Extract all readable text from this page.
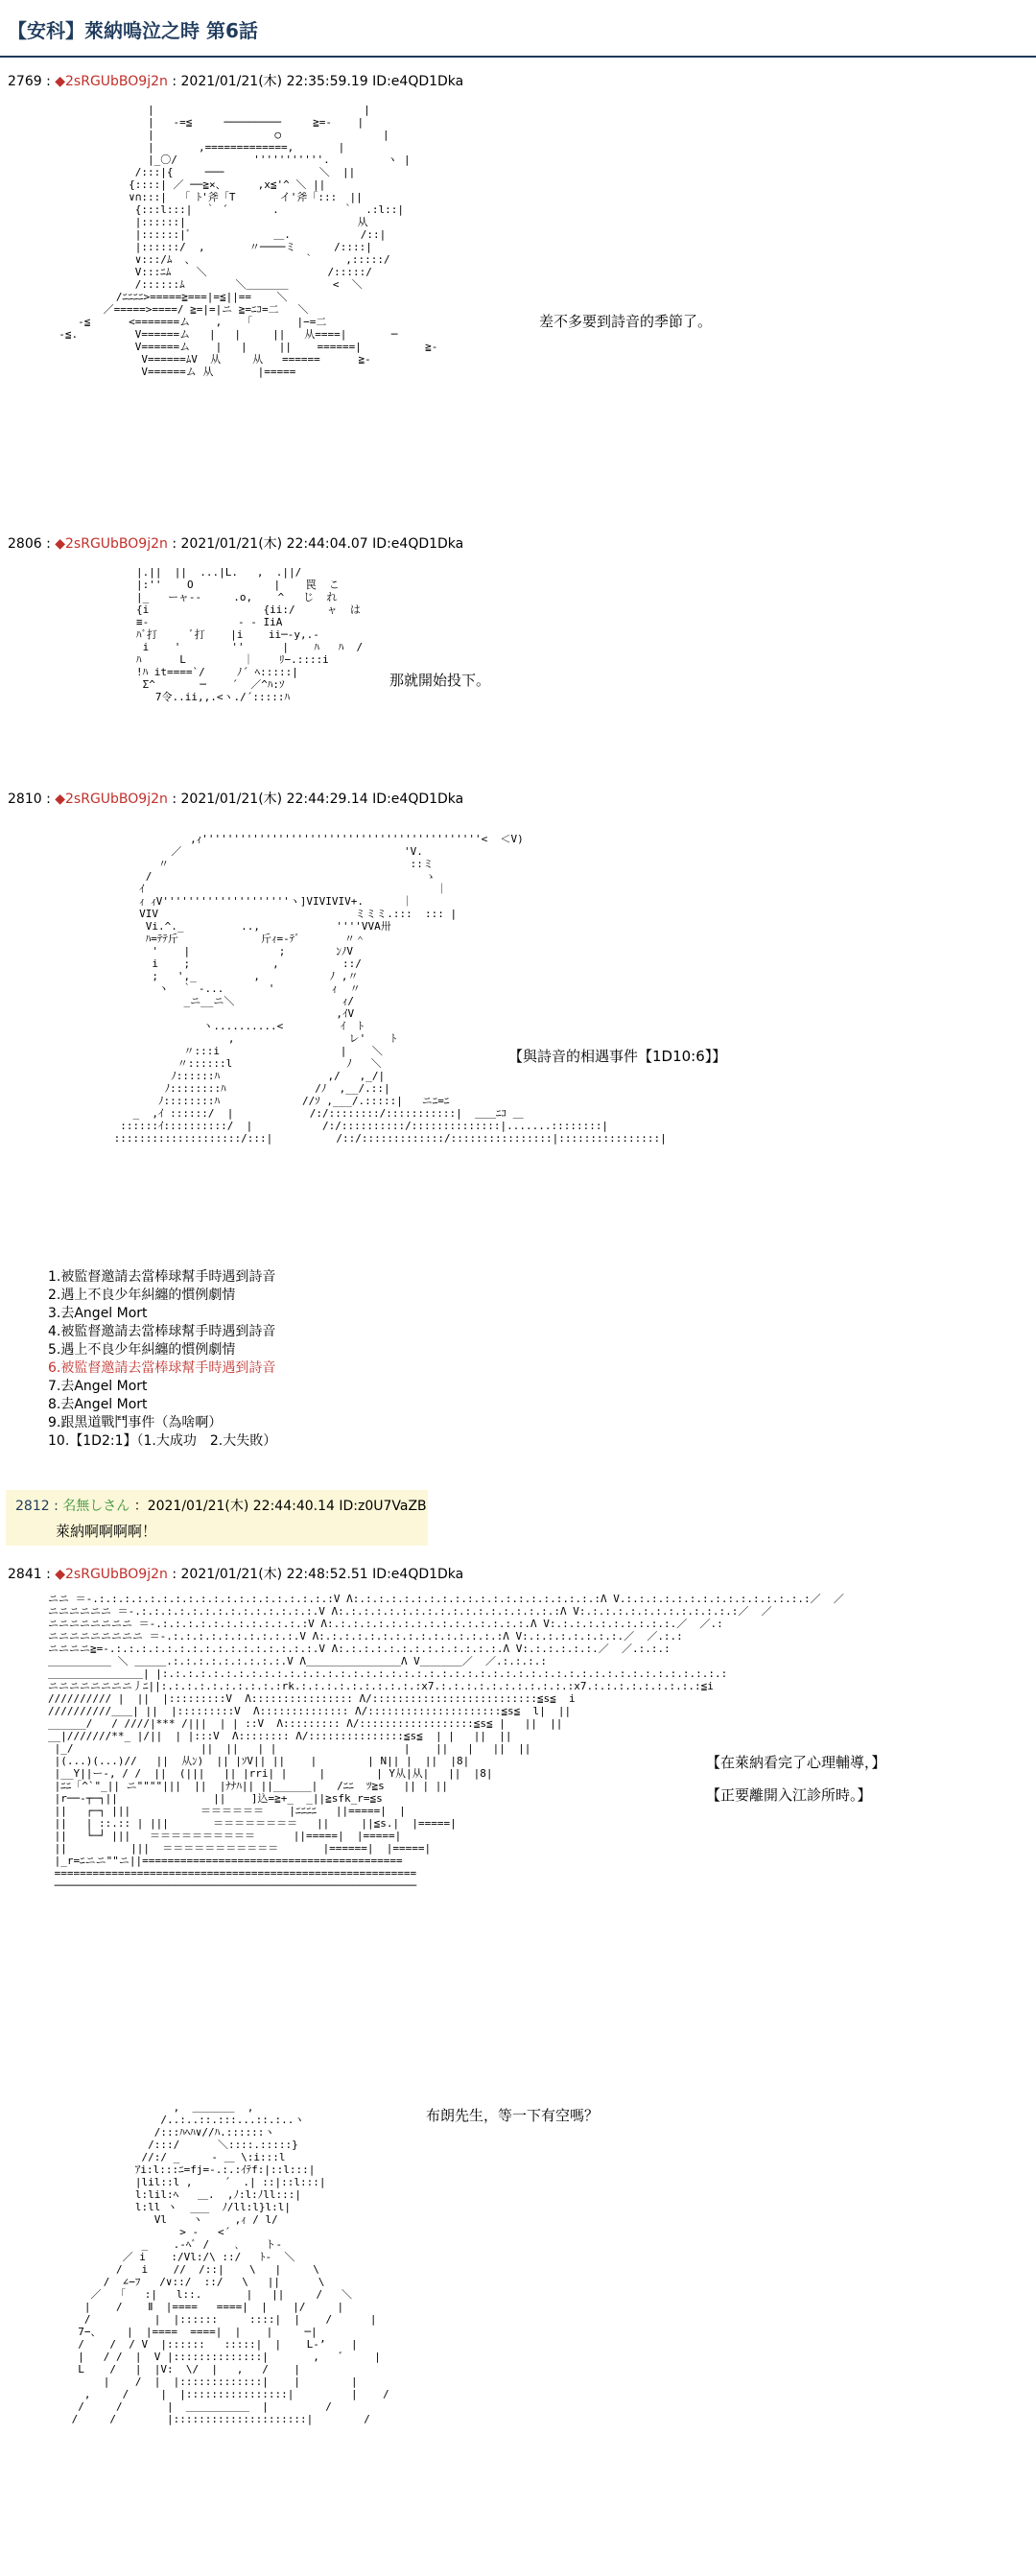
【安科】萊納嗚泣之時 第6話
2769 : ◆2sRGUbBO9j2n : 2021/01/21(木) 22:35:59.19 ID:e4QD1Dka
|                                 |
|   -=≦     ─────────     ≧=-    |
|                   ○                |
|       ,=============,       |
|_〇/            '''''''''''.         ヽ |
/:::|{     ───               ＼  ||
{::::| ／ ──≧×、     ,x≦'^ ＼ ||
∨∩:::|  「 ﾄ'斧「T       イ'斧「:::  ||
{:::l:::|  ｀ ´       .          ｀  .:l::|
|::::::|                           从
|::::::|ﾞ             ＿.           /::|
|::::::/  ,       〃────ミ      /::::|
∨:::/ﾑ  、                 ｀     ,:::::/
V:::ﾆﾑ    ＼                   /:::::/
/::::::ﾑ        ＼＿＿＿＿       <  ＼
/ﾆﾆﾆﾆ>=====≧===|=≦||==    ＼
／=====>====/ ≧=|=|ニ ≧=ﾆｺ=二   ＼
-≦      <=======ム    ,    ｢       |−=二
-≦.         V======ム   |   |     ||   从====|       ─
V======ム    |   |     ||    ======|          ≧-
V======ﾑV  从     从   ======      ≧-
V======ム 从       |=====

差不多要到詩音的季節了。
2806 : ◆2sRGUbBO9j2n : 2021/01/21(木) 22:44:04.07 ID:e4QD1Dka
|.||  ||  ...|L.   ,  .||/
|:''    O      　     |    罠  こ
|_   ーャ‐‐     .o,    ^   じ  れ
{i                  {ii:/     ャ  は
≡‐              ‐ ‐ IiA
ﾊﾞ打     ﾞ打    |i    ii─-y,.‐
i    '        ''      |    ﾊ   ﾊ  /
ﾊ      L         ｜    ﾘ−.::::i
!ﾊ it====`/     ﾉ´ ﾍ:::::|
Σ^       ─    ´  ／^ﾊ:ｿ
7令..ii,,.<ヽ./´:::::ﾊ

那就開始投下。
2810 : ◆2sRGUbBO9j2n : 2021/01/21(木) 22:44:29.14 ID:e4QD1Dka
,ｨ''''''''''''''''''''''''''''''''''''''''''''<  ＜V)
／                                   'V.
〃                                      ::ミ
/                                           ゝ
ｲ                                              ｜
ｨ ｨV''''''''''''''''''''ヽ]VIVIVIV+.      ｜
VIV                               ミミミ.:::  ::: |
Vi.^._         ..,            ''''VVA卅
ﾊ=ﾃﾃ斤             斤ｨ=-ﾃﾞ       〃＾
'    |              ;        ﾝﾉV
i    ;             ,          ::/
;   ',_         ,           ﾉ ,〃
ヽ  ｀ -...       '         ｨ  〃
_ニ__ニ＼                 ｨ/
,ｲV
ヽ..........<         ｲ  ﾄ
,                  レ'    ﾄ
〃:::i                   |    ＼
〃::::::l                  ﾉ   ＼
ﾉ::::::ﾊ                 ,/   ,_/|
ﾉ::::::::ﾊ              /ﾉ  ,__/.::|
ﾉ::::::::ﾊ             //ｿ ,___/.:::::|   ニﾆ=ﾆ
_  ,ｲ ::::::/  |            /:/::::::::/:::::::::::|  ＿＿ﾆｺ ＿
::::::ｲ::::::::::/  |           /:/::::::::::/::::::::::::::|.......::::::::|
::::::::::::::::::::/:::|          /::/:::::::::::::/::::::::::::::::|::::::::::::::::|

【與詩音的相遇事件【1D10:6】】
1.被監督邀請去當棒球幫手時遇到詩音
2.遇上不良少年糾纏的慣例劇情
3.去Angel Mort
4.被監督邀請去當棒球幫手時遇到詩音
5.遇上不良少年糾纏的慣例劇情
6.被監督邀請去當棒球幫手時遇到詩音
7.去Angel Mort
8.去Angel Mort
9.跟黑道戰鬥事件（為啥啊）
10.【1D2:1】（1.大成功　2.大失敗）
2812 : 名無しさん ：2021/01/21(木) 22:44:40.14 ID:z0U7VaZB
萊納啊啊啊啊！
2841 : ◆2sRGUbBO9j2n : 2021/01/21(木) 22:48:52.51 ID:e4QD1Dka
ニニ ＝-.:.:.:.:.:.:.:.:.:.:.:.:.:.:.:.:.:.:.:V Λ:.:.:.:.:.:.:.:.:.:.:.:.:.:.:.:.:.:.:.:Λ V.:.:.:.:.:.:.:.:.:.:.:.:.:.:.:／  ／
ニニニニニニ ＝-.:.:.:.:.:.:.:.:.:.:.:.:.:.:.V Λ:.:.:.:.:.:.:.:.:.:.:.:.:.:.:.:.:.:Λ V:.:.:.:.:.:.:.:.:.:.:.:.:／  ／
ニニニニニニニニ ＝-.:.:.:.:.:.:.:.:.:.:.:.:V Λ:.:.:.:.:.:.:.:.:.:.:.:.:.:.:.:.Λ V:.:.:.:.:.:.:.:.:.:.／  ／.:
ニニニニニニニニニ ＝-.:.:.:.:.:.:.:.:.:.:.V Λ:.:.:.:.:.:.:.:.:.:.:.:.:.:.:Λ V:.:.:.:.:.:.:.:.／  ／.:.:
ニニニニ≧=-.:.:.:.:.:.:.:.:.:.:.:.:.:.:.:.:.V Λ:.:.:.:.:.:.:.:.:.:.:.:.:.Λ V:.:.:.:.:.:.／  ／.:.:.:
＿＿＿＿＿＿ ＼ ＿＿＿.:.:.:.:.:.:.:.:.:.V Λ＿＿＿＿＿＿＿＿＿Λ V＿＿＿＿／  ／.:.:.:.:
＿＿＿＿＿＿＿＿＿| |:.:.:.:.:.:.:.:.:.:.:.:.:.:.:.:.:.:.:.:.:.:.:.:.:.:.:.:.:.:.:.:.:.:.:.:.:.:.:.:.:.:.:.:.:
ニニニニニニニニ丿ﾆ||:.:.:.:.:.:.:.:.:.:rk.:.:.:.:.:.:.:.:.:.:x7.:.:.:.:.:.:.:.:.:.:.:x7.:.:.:.:.:.:.:.:.:≦i
////////// |  ||  |:::::::::V  Λ:::::::::::::::: Λ/::::::::::::::::::::::::::≦s≦  i
//////////＿＿| ||  |:::::::::V  Λ:::::::::::::: Λ/:::::::::::::::::::::≦s≦  l|  ||
______/   / ////|*** /|||  | | ::V  Λ::::::::: Λ/::::::::::::::::::≦s≦ |   ||  ||
__|///////**_ |/||  | |:::V  Λ:::::::: Λ/:::::::::::::::≦s≦  | |   ||  ||
|_/                    ||  ||   | |                    |    ||   |   ||  ||
|(...)(...)//   ||  从ﾝ)  || |ｿV|| ||    |        | N|| |  ||  |8|
|__Y||ー‐, / /  ||  (|||   || |rri| |     |        | Y从|从|   ||  |8|
|ﾆﾆ「^`"_|| ニ""""|||  ||  |ﾅﾅﾊ|| ||______|   /ﾆﾆ  ﾂ≧s   || | ||
|r──‐┬─┐||               ||    ]込=≧+_  _||≧sfk_r=≦s
||   ┌─┐ |||           ＝＝＝＝＝＝    |ﾆﾆﾆﾆ   ||=====|  |
||   | ::.:: | |||       ＝＝＝＝＝＝＝＝   ||     ||≦s.|  |=====|
||   └─┘ |||   ＝＝＝＝＝＝＝＝＝＝      ||=====|  |=====|
||          |||  ＝＝＝＝＝＝＝＝＝＝＝       |======|  |=====|
|_r=ﾆニニ""ニ||=========================================
=========================================================
─────────────────────────────────────────────────────────

【在萊納看完了心理輔導，】
【正要離開入江診所時。】
,  ＿＿＿＿  ,
/..:..::.:::...::.:..ヽ
/:::ﾊﾍﾊ∨//ﾊ.::::::ヽ
/:::/      ＼::::.:::::}
//:/ _     ‐ ＿ \:i:::l
ｱi:l:::ﾆ=fj=-.:.:ｲﾃf:|::l:::|
|lil::l ,     ´  .| ::|::l:::|
l:lil:ﾍ   ＿.  ,ﾉ:l:ﾉll:::|
l:ll ヽ  ___  ﾉ/ll:l}l:l|
Vl    ヽ     ,ｨ / l/
> -   <´
_    .-ﾍﾞ /    ､    ト-
／ i    :/Vl:/\ ::/   ﾄ-  ＼
/   i    //  /::|    \   |     \
/  ∠−ﾌ   /∨::/  ::/   \   ||      \
／   ｢   :|   l::.       |   ||     /   ＼
|    /    Ⅱ  |====   ====|  |    |/     |
/          |  |::::::     ::::|  |    /      |
7−、    |  |====  ====|  |    |     ─|
/    /  / V  |::::::   :::::|  |    L-’    |
|   / /  |  V |::::::::::::::|       ,   ゛    |
L    /   |  |V:  \/  |   ,   /    |
|    /  |  |:::::::::::::|    |        |
,     /     |  |::::::::::::::::|         |    /
/     /       |  ＿＿＿＿＿＿  |         /
/     /        |:::::::::::::::::::::|        /

布朗先生，等一下有空嗎？
